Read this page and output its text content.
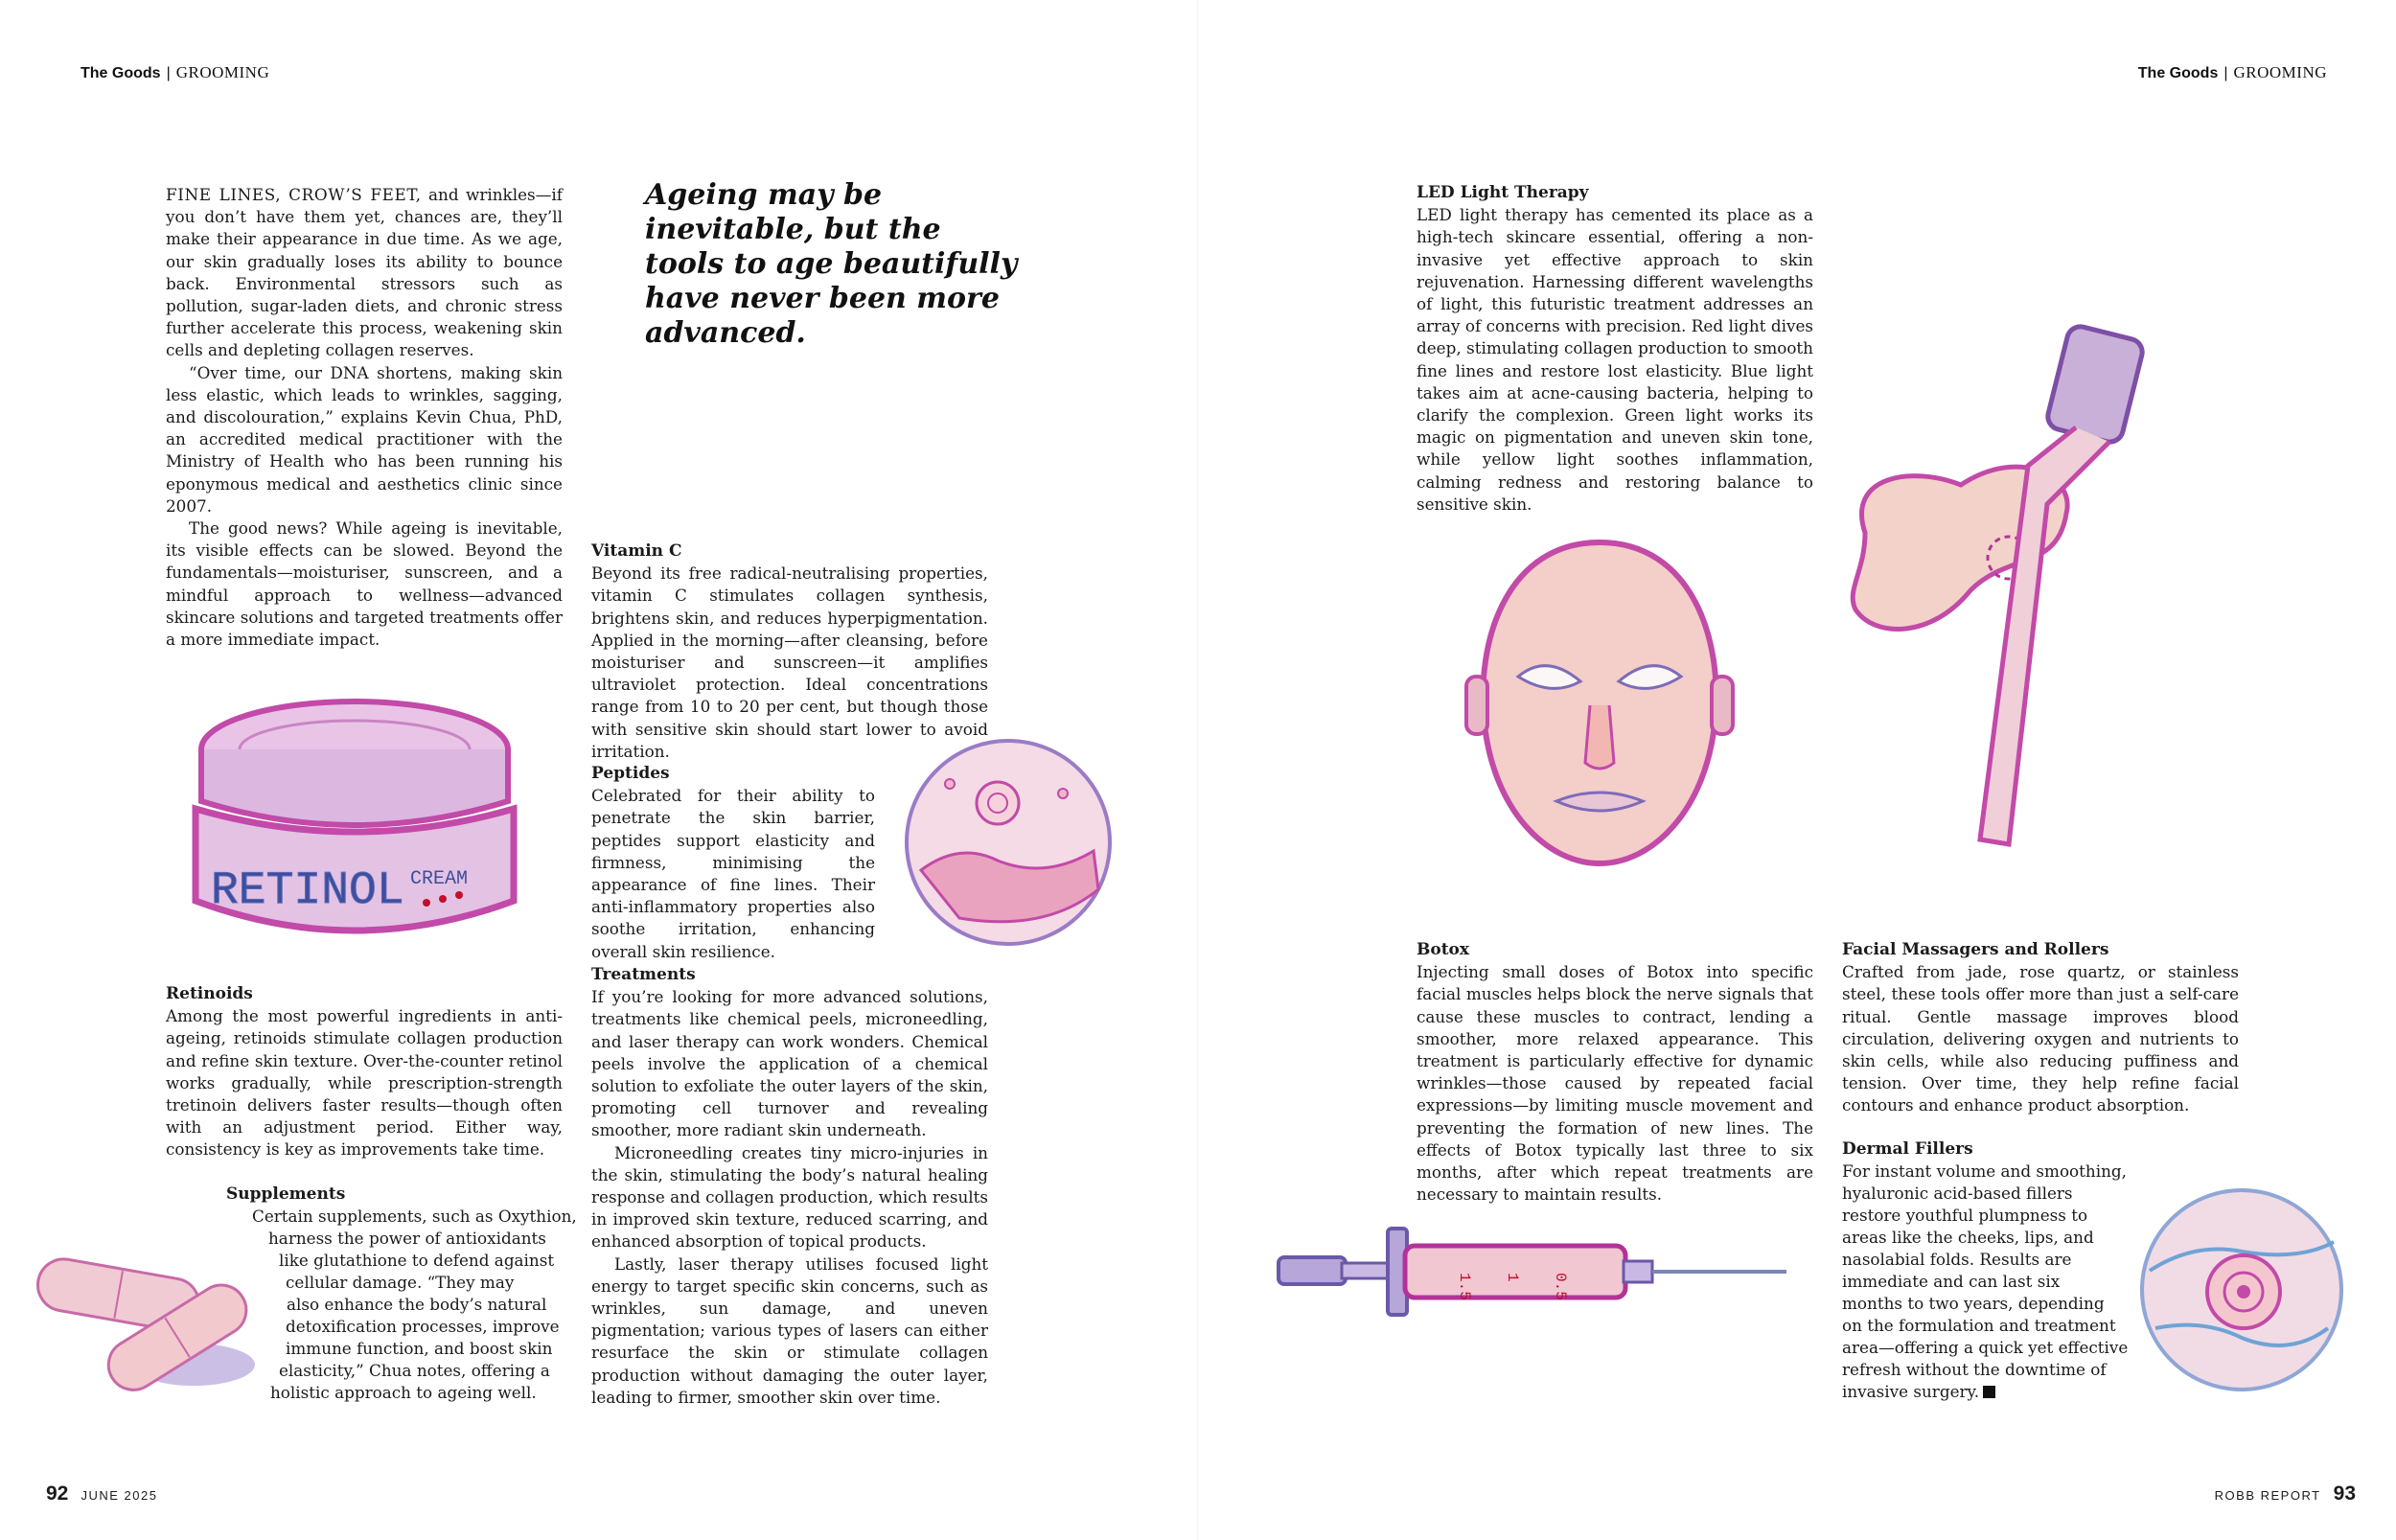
The Goods | GROOMING

FINE LINES, CROW’S FEET, and wrinkles—if you don’t have them yet, chances are, they’ll make their appearance in due time. As we age, our skin gradually loses its ability to bounce back. Environmental stressors such as pollution, sugar-laden diets, and chronic stress further accelerate this process, weakening skin cells and depleting collagen reserves.

“Over time, our DNA shortens, making skin less elastic, which leads to wrinkles, sagging, and discolouration,” explains Kevin Chua, PhD, an accredited medical practitioner with the Ministry of Health who has been running his eponymous medical and aesthetics clinic since 2007.

The good news? While ageing is inevitable, its visible effects can be slowed. Beyond the fundamentals—moisturiser, sunscreen, and a mindful approach to wellness—advanced skincare solutions and targeted treatments offer a more immediate impact.

Ageing may be inevitable, but the tools to age beautifully have never been more advanced.
RETINOL CREAM

Retinoids

Among the most powerful ingredients in anti-ageing, retinoids stimulate collagen production and refine skin texture. Over-the-counter retinol works gradually, while prescription-strength tretinoin delivers faster results—though often with an adjustment period. Either way, consistency is key as improvements take time.

Supplements

Certain supplements, such as Oxythion,
harness the power of antioxidants
like glutathione to defend against
cellular damage. “They may
also enhance the body’s natural
detoxification processes, improve
immune function, and boost skin
elasticity,” Chua notes, offering a
holistic approach to ageing well.

Vitamin C

Beyond its free radical-neutralising properties, vitamin C stimulates collagen synthesis, brightens skin, and reduces hyperpigmentation. Applied in the morning—after cleansing, before moisturiser and sunscreen—it amplifies ultraviolet protection. Ideal concentrations range from 10 to 20 per cent, but though those with sensitive skin should start lower to avoid irritation.

Peptides

Celebrated for their ability to penetrate the skin barrier, peptides support elasticity and firmness, minimising the appearance of fine lines. Their anti-inflammatory properties also soothe irritation, enhancing overall skin resilience.

Treatments

If you’re looking for more advanced solutions, treatments like chemical peels, microneedling, and laser therapy can work wonders. Chemical peels involve the application of a chemical solution to exfoliate the outer layers of the skin, promoting cell turnover and revealing smoother, more radiant skin underneath.

Microneedling creates tiny micro-injuries in the skin, stimulating the body’s natural healing response and collagen production, which results in improved skin texture, reduced scarring, and enhanced absorption of topical products.

Lastly, laser therapy utilises focused light energy to target specific skin concerns, such as wrinkles, sun damage, and uneven pigmentation; various types of lasers can either resurface the skin or stimulate collagen production without damaging the outer layer, leading to firmer, smoother skin over time.

92 JUNE 2025
The Goods | GROOMING

LED Light Therapy

LED light therapy has cemented its place as a high-tech skincare essential, offering a non-invasive yet effective approach to skin rejuvenation. Harnessing different wavelengths of light, this futuristic treatment addresses an array of concerns with precision. Red light dives deep, stimulating collagen production to smooth fine lines and restore lost elasticity. Blue light takes aim at acne-causing bacteria, helping to clarify the complexion. Green light works its magic on pigmentation and uneven skin tone, while yellow light soothes inflammation, calming redness and restoring balance to sensitive skin.

Botox

Injecting small doses of Botox into specific facial muscles helps block the nerve signals that cause these muscles to contract, lending a smoother, more relaxed appearance. This treatment is particularly effective for dynamic wrinkles—those caused by repeated facial expressions—by limiting muscle movement and preventing the formation of new lines. The effects of Botox typically last three to six months, after which repeat treatments are necessary to maintain results.

Facial Massagers and Rollers

Crafted from jade, rose quartz, or stainless steel, these tools offer more than just a self-care ritual. Gentle massage improves blood circulation, delivering oxygen and nutrients to skin cells, while also reducing puffiness and tension. Over time, they help refine facial contours and enhance product absorption.

Dermal Fillers

For instant volume and smoothing,
hyaluronic acid-based fillers
restore youthful plumpness to
areas like the cheeks, lips, and
nasolabial folds. Results are
immediate and can last six
months to two years, depending
on the formulation and treatment
area—offering a quick yet effective
refresh without the downtime of
invasive surgery.
1.5 1 0.5
ROBB REPORT 93
